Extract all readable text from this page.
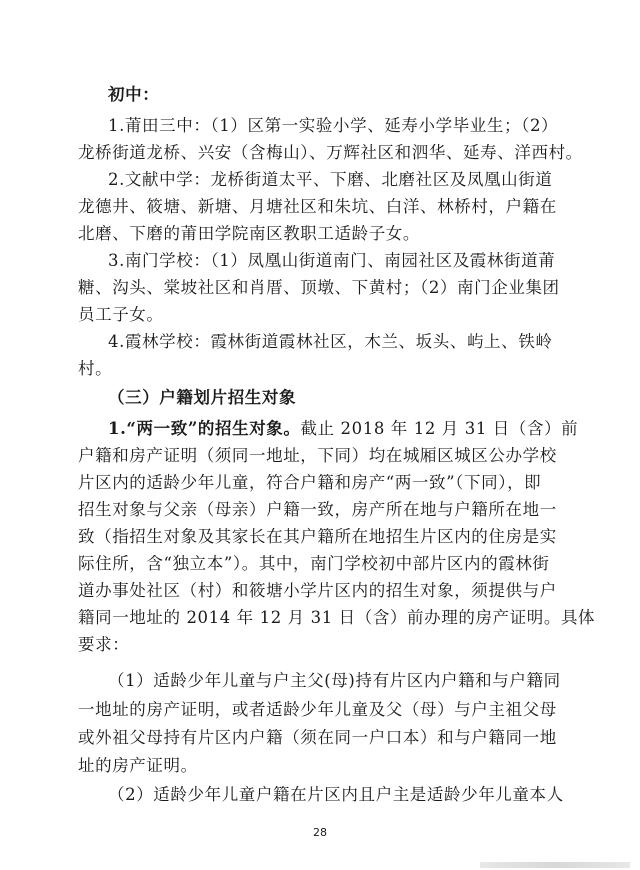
初中：
1.莆田三中：（1）区第一实验小学、延寿小学毕业生；（2）
龙桥街道龙桥、兴安（含梅山）、万辉社区和泗华、延寿、洋西村。
2.文献中学：龙桥街道太平、下磨、北磨社区及凤凰山街道
龙德井、筱塘、新塘、月塘社区和朱坑、白洋、林桥村，户籍在
北磨、下磨的莆田学院南区教职工适龄子女。
3.南门学校：（1）凤凰山街道南门、南园社区及霞林街道莆
糖、沟头、棠坡社区和肖厝、顶墩、下黄村；（2）南门企业集团
员工子女。
4.霞林学校：霞林街道霞林社区，木兰、坂头、屿上、铁岭
村。
（三）户籍划片招生对象
1.“两一致”的招生对象。截止 2018 年 12 月 31 日（含）前
户籍和房产证明（须同一地址，下同）均在城厢区城区公办学校
片区内的适龄少年儿童，符合户籍和房产“两一致”（下同），即
招生对象与父亲（母亲）户籍一致，房产所在地与户籍所在地一
致（指招生对象及其家长在其户籍所在地招生片区内的住房是实
际住所，含“独立本”）。其中，南门学校初中部片区内的霞林街
道办事处社区（村）和筱塘小学片区内的招生对象，须提供与户
籍同一地址的 2014 年 12 月 31 日（含）前办理的房产证明。具体
要求：
（1）适龄少年儿童与户主父(母)持有片区内户籍和与户籍同
一地址的房产证明，或者适龄少年儿童及父（母）与户主祖父母
或外祖父母持有片区内户籍（须在同一户口本）和与户籍同一地
址的房产证明。
（2）适龄少年儿童户籍在片区内且户主是适龄少年儿童本人
28
